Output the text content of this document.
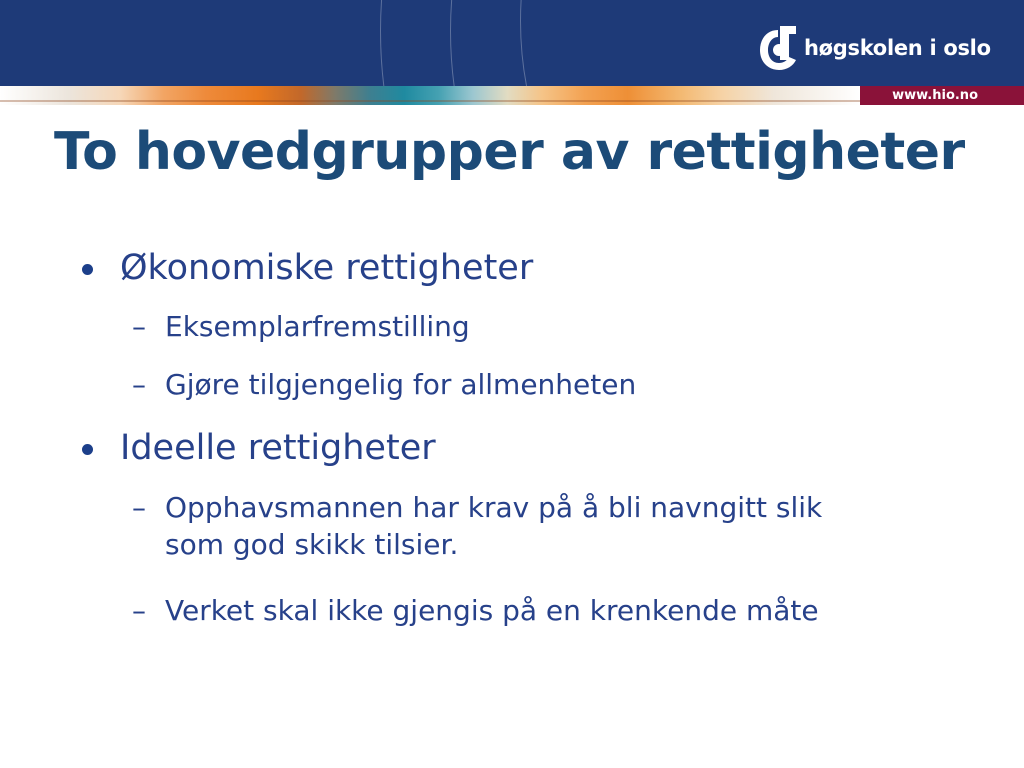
høgskolen i oslo
www.hio.no
To hovedgrupper av rettigheter
Økonomiske rettigheter
– Eksemplarfremstilling
– Gjøre tilgjengelig for allmenheten
Ideelle rettigheter
– Opphavsmannen har krav på å bli navngitt slik som god skikk tilsier.
– Verket skal ikke gjengis på en krenkende måte
